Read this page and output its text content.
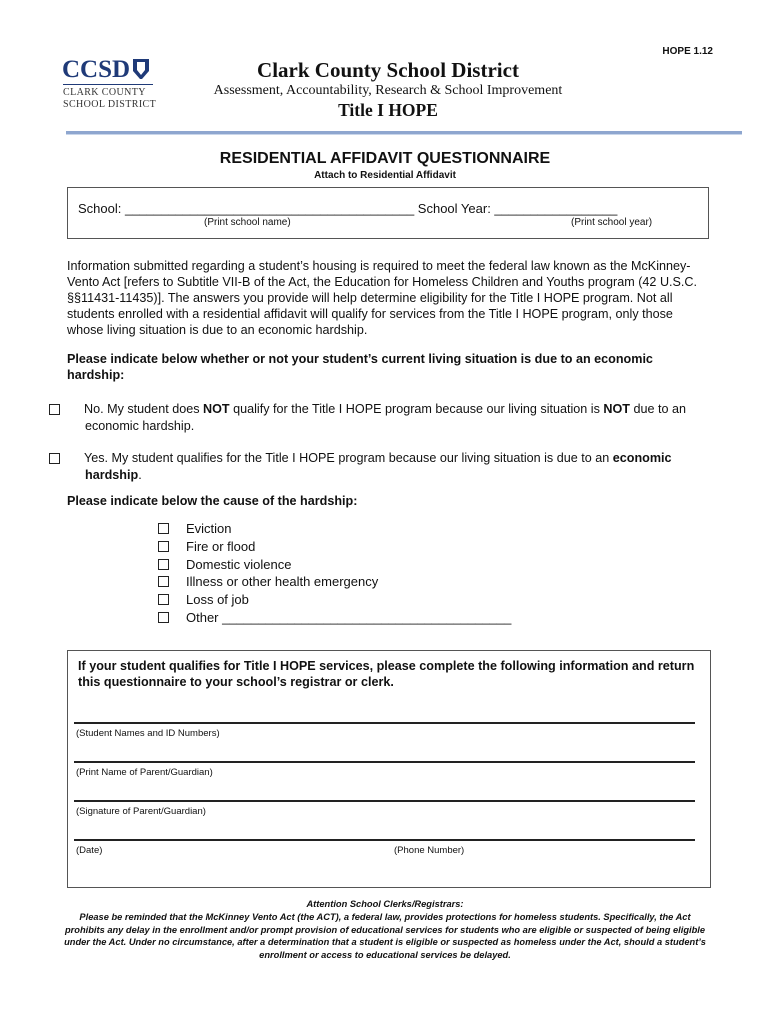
HOPE 1.12
CCSD
CLARK COUNTY
SCHOOL DISTRICT
Clark County School District
Assessment, Accountability, Research & School Improvement
Title I HOPE
RESIDENTIAL AFFIDAVIT QUESTIONNAIRE
Attach to Residential Affidavit
School: ________________________________________ School Year: _________________
(Print school name)	(Print school year)
Information submitted regarding a student’s housing is required to meet the federal law known as the McKinney-Vento Act [refers to Subtitle VII-B of the Act, the Education for Homeless Children and Youths program (42 U.S.C. §§11431-11435)]. The answers you provide will help determine eligibility for the Title I HOPE program. Not all students enrolled with a residential affidavit will qualify for services from the Title I HOPE program, only those whose living situation is due to an economic hardship.
Please indicate below whether or not your student’s current living situation is due to an economic hardship:
No. My student does NOT qualify for the Title I HOPE program because our living situation is NOT due to an economic hardship.
Yes. My student qualifies for the Title I HOPE program because our living situation is due to an economic hardship.
Please indicate below the cause of the hardship:
Eviction
Fire or flood
Domestic violence
Illness or other health emergency
Loss of job
Other ________________________________________
If your student qualifies for Title I HOPE services, please complete the following information and return this questionnaire to your school’s registrar or clerk.
(Student Names and ID Numbers)
(Print Name of Parent/Guardian)
(Signature of Parent/Guardian)
(Date)	(Phone Number)
Attention School Clerks/Registrars:
Please be reminded that the McKinney Vento Act (the ACT), a federal law, provides protections for homeless students. Specifically, the Act prohibits any delay in the enrollment and/or prompt provision of educational services for students who are eligible or suspected of being eligible under the Act. Under no circumstance, after a determination that a student is eligible or suspected as homeless under the Act, should a student’s enrollment or access to educational services be delayed.
